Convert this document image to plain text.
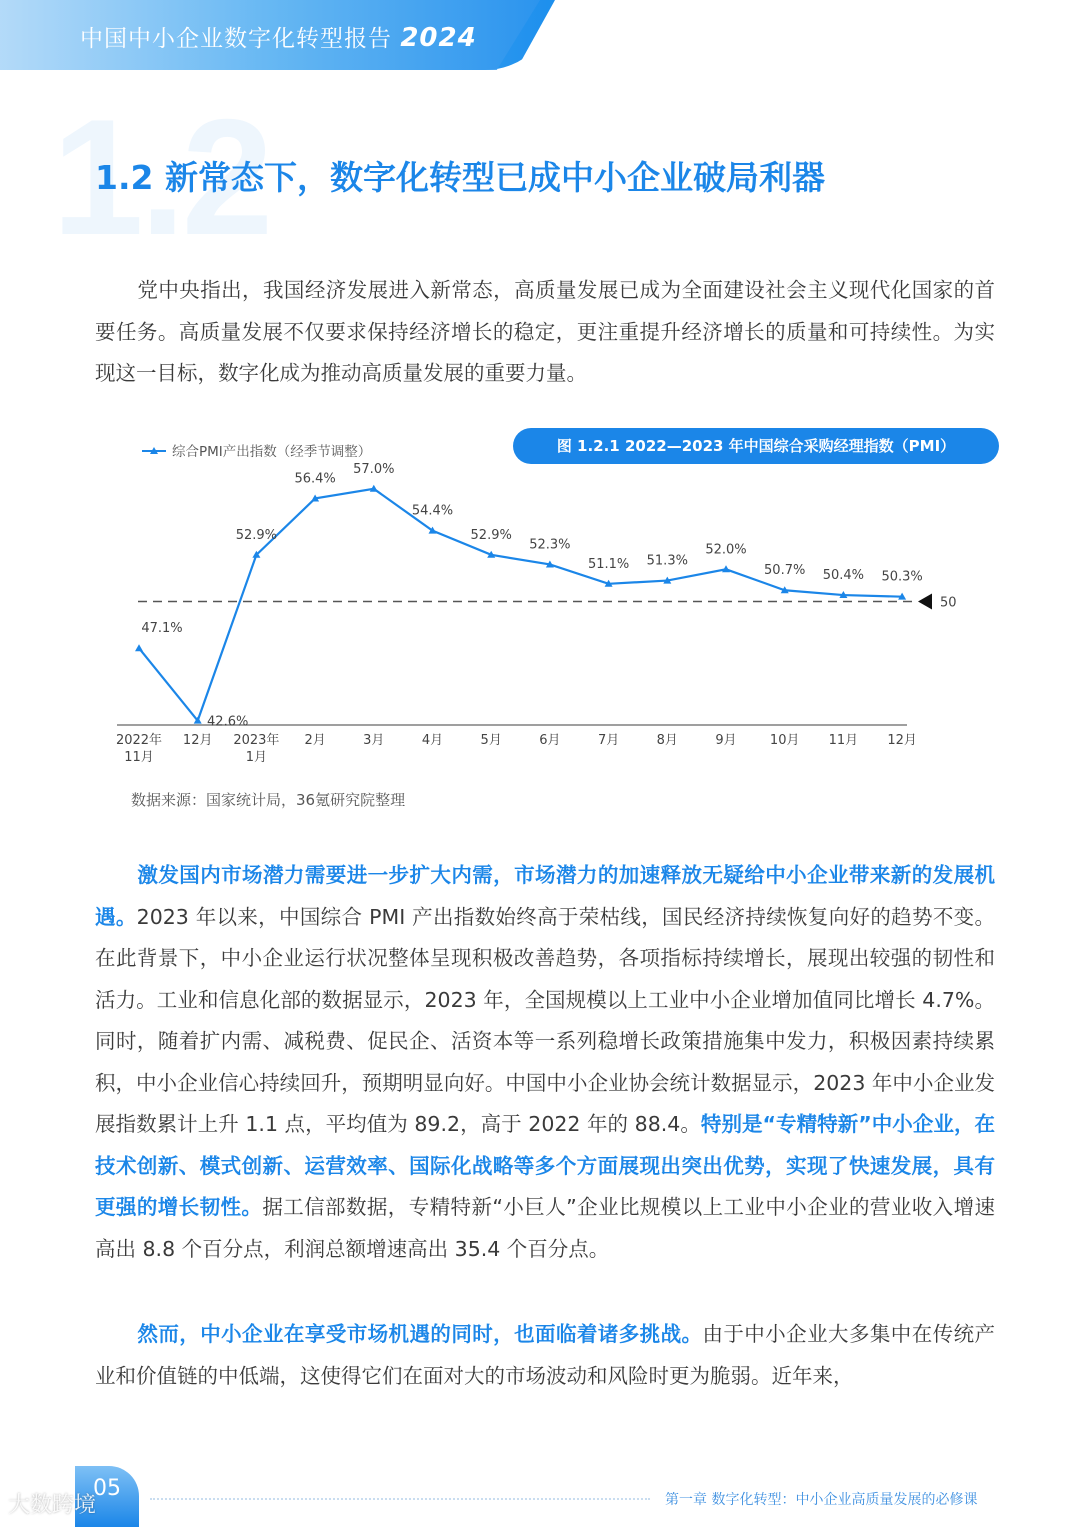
中国中小企业数字化转型报告 2024
1.2
1.2 新常态下，数字化转型已成中小企业破局利器
党中央指出，我国经济发展进入新常态，高质量发展已成为全面建设社会主义现代化国家的首要任务。高质量发展不仅要求保持经济增长的稳定，更注重提升经济增长的质量和可持续性。为实现这一目标，数字化成为推动高质量发展的重要力量。
图 1.2.1 2022—2023 年中国综合采购经理指数（PMI）
综合PMI产出指数（经季节调整）
50
47.1%
42.6%
52.9%
56.4%
57.0%
54.4%
52.9%
52.3%
51.1% 51.3%
52.0%
50.7% 50.4% 50.3%
2022年
11月
12月 2023年
1月
2月	3月	4月	5月	6月	7月	8月	9月	10月 11月 12月
数据来源：国家统计局，36氪研究院整理
激发国内市场潜力需要进一步扩大内需，市场潜力的加速释放无疑给中小企业带来新的发展机遇。2023 年以来，中国综合 PMI 产出指数始终高于荣枯线，国民经济持续恢复向好的趋势不变。在此背景下，中小企业运行状况整体呈现积极改善趋势，各项指标持续增长，展现出较强的韧性和活力。工业和信息化部的数据显示，2023 年，全国规模以上工业中小企业增加值同比增长 4.7%。同时，随着扩内需、减税费、促民企、活资本等一系列稳增长政策措施集中发力，积极因素持续累积，中小企业信心持续回升，预期明显向好。中国中小企业协会统计数据显示，2023 年中小企业发展指数累计上升 1.1 点，平均值为 89.2，高于 2022 年的 88.4。特别是“专精特新”中小企业，在技术创新、模式创新、运营效率、国际化战略等多个方面展现出突出优势，实现了快速发展，具有更强的增长韧性。据工信部数据，专精特新“小巨人”企业比规模以上工业中小企业的营业收入增速高出 8.8 个百分点，利润总额增速高出 35.4 个百分点。
然而，中小企业在享受市场机遇的同时，也面临着诸多挑战。由于中小企业大多集中在传统产业和价值链的中低端，这使得它们在面对大的市场波动和风险时更为脆弱。近年来，
05	第一章 数字化转型：中小企业高质量发展的必修课
大数跨境
